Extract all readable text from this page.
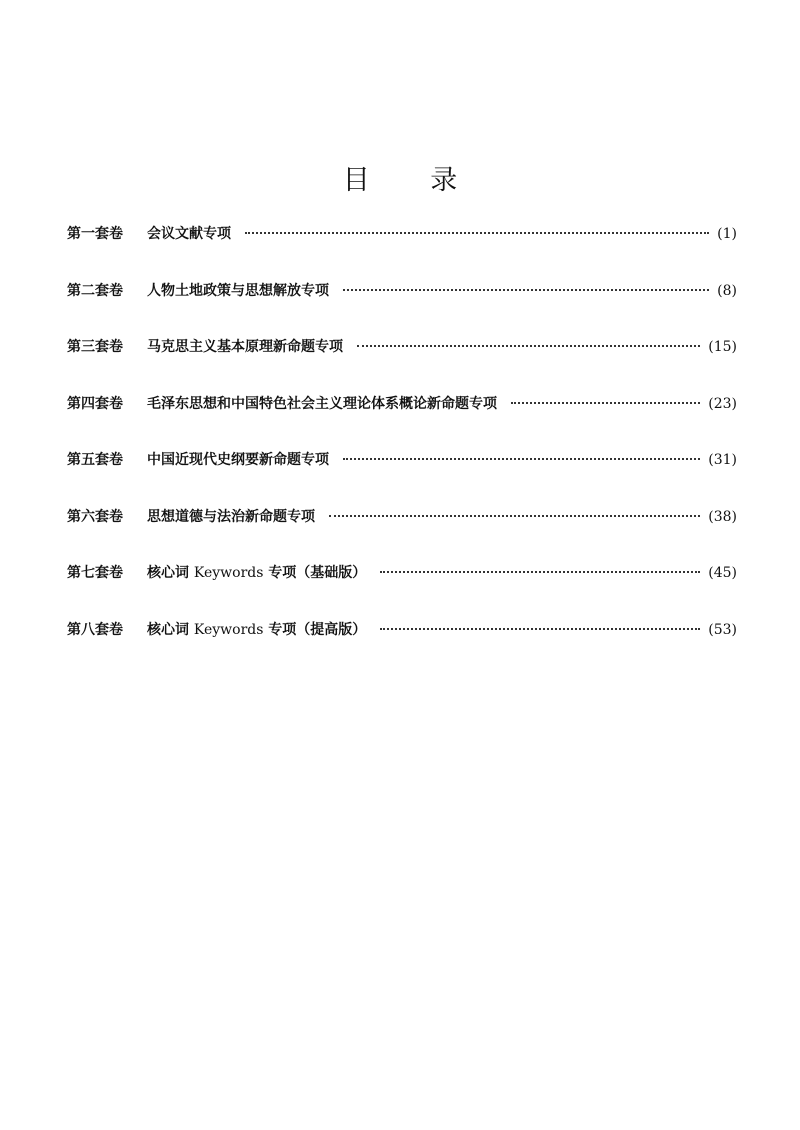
目 录
第一套卷	会议文献专项	(1)
第二套卷	人物土地政策与思想解放专项	(8)
第三套卷	马克思主义基本原理新命题专项	(15)
第四套卷	毛泽东思想和中国特色社会主义理论体系概论新命题专项	(23)
第五套卷	中国近现代史纲要新命题专项	(31)
第六套卷	思想道德与法治新命题专项	(38)
第七套卷	核心词 Keywords 专项（基础版）	(45)
第八套卷	核心词 Keywords 专项（提高版）	(53)
